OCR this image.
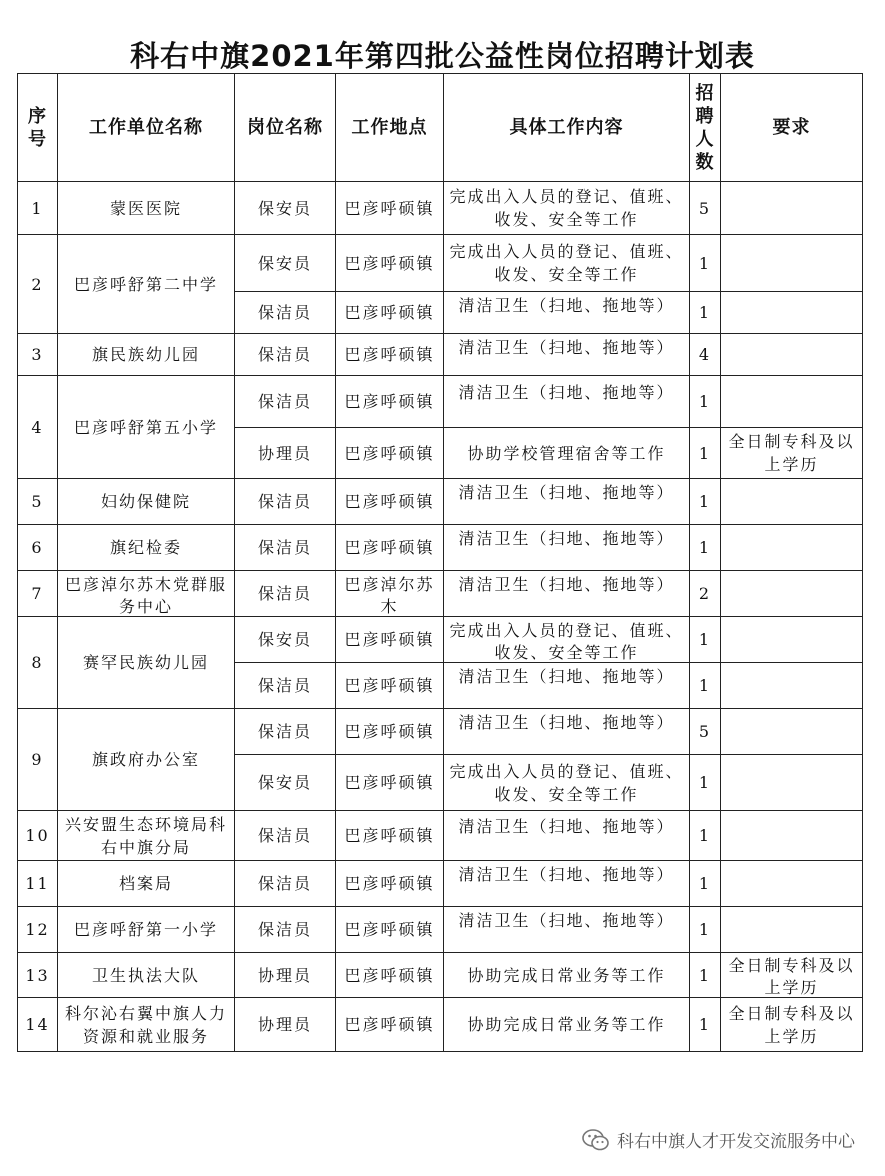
科右中旗2021年第四批公益性岗位招聘计划表
序号	工作单位名称	岗位名称	工作地点	具体工作内容	招聘人数	要求
1	蒙医医院	保安员	巴彦呼硕镇	完成出入人员的登记、值班、收发、安全等工作	5	
2	巴彦呼舒第二中学	保安员	巴彦呼硕镇	完成出入人员的登记、值班、收发、安全等工作	1	
		保洁员	巴彦呼硕镇	清洁卫生（扫地、拖地等）	1	
3	旗民族幼儿园	保洁员	巴彦呼硕镇	清洁卫生（扫地、拖地等）	4	
4	巴彦呼舒第五小学	保洁员	巴彦呼硕镇	清洁卫生（扫地、拖地等）	1	
		协理员	巴彦呼硕镇	协助学校管理宿舍等工作	1	全日制专科及以上学历
5	妇幼保健院	保洁员	巴彦呼硕镇	清洁卫生（扫地、拖地等）	1	
6	旗纪检委	保洁员	巴彦呼硕镇	清洁卫生（扫地、拖地等）	1	
7	巴彦淖尔苏木党群服务中心	保洁员	巴彦淖尔苏木	清洁卫生（扫地、拖地等）	2	
8	赛罕民族幼儿园	保安员	巴彦呼硕镇	完成出入人员的登记、值班、收发、安全等工作	1	
		保洁员	巴彦呼硕镇	清洁卫生（扫地、拖地等）	1	
9	旗政府办公室	保洁员	巴彦呼硕镇	清洁卫生（扫地、拖地等）	5	
		保安员	巴彦呼硕镇	完成出入人员的登记、值班、收发、安全等工作	1	
10	兴安盟生态环境局科右中旗分局	保洁员	巴彦呼硕镇	清洁卫生（扫地、拖地等）	1	
11	档案局	保洁员	巴彦呼硕镇	清洁卫生（扫地、拖地等）	1	
12	巴彦呼舒第一小学	保洁员	巴彦呼硕镇	清洁卫生（扫地、拖地等）	1	
13	卫生执法大队	协理员	巴彦呼硕镇	协助完成日常业务等工作	1	全日制专科及以上学历

14	科尔沁右翼中旗人力资源和就业服务	协理员	巴彦呼硕镇	协助完成日常业务等工作	1	全日制专科及以上学历
科右中旗人才开发交流服务中心
